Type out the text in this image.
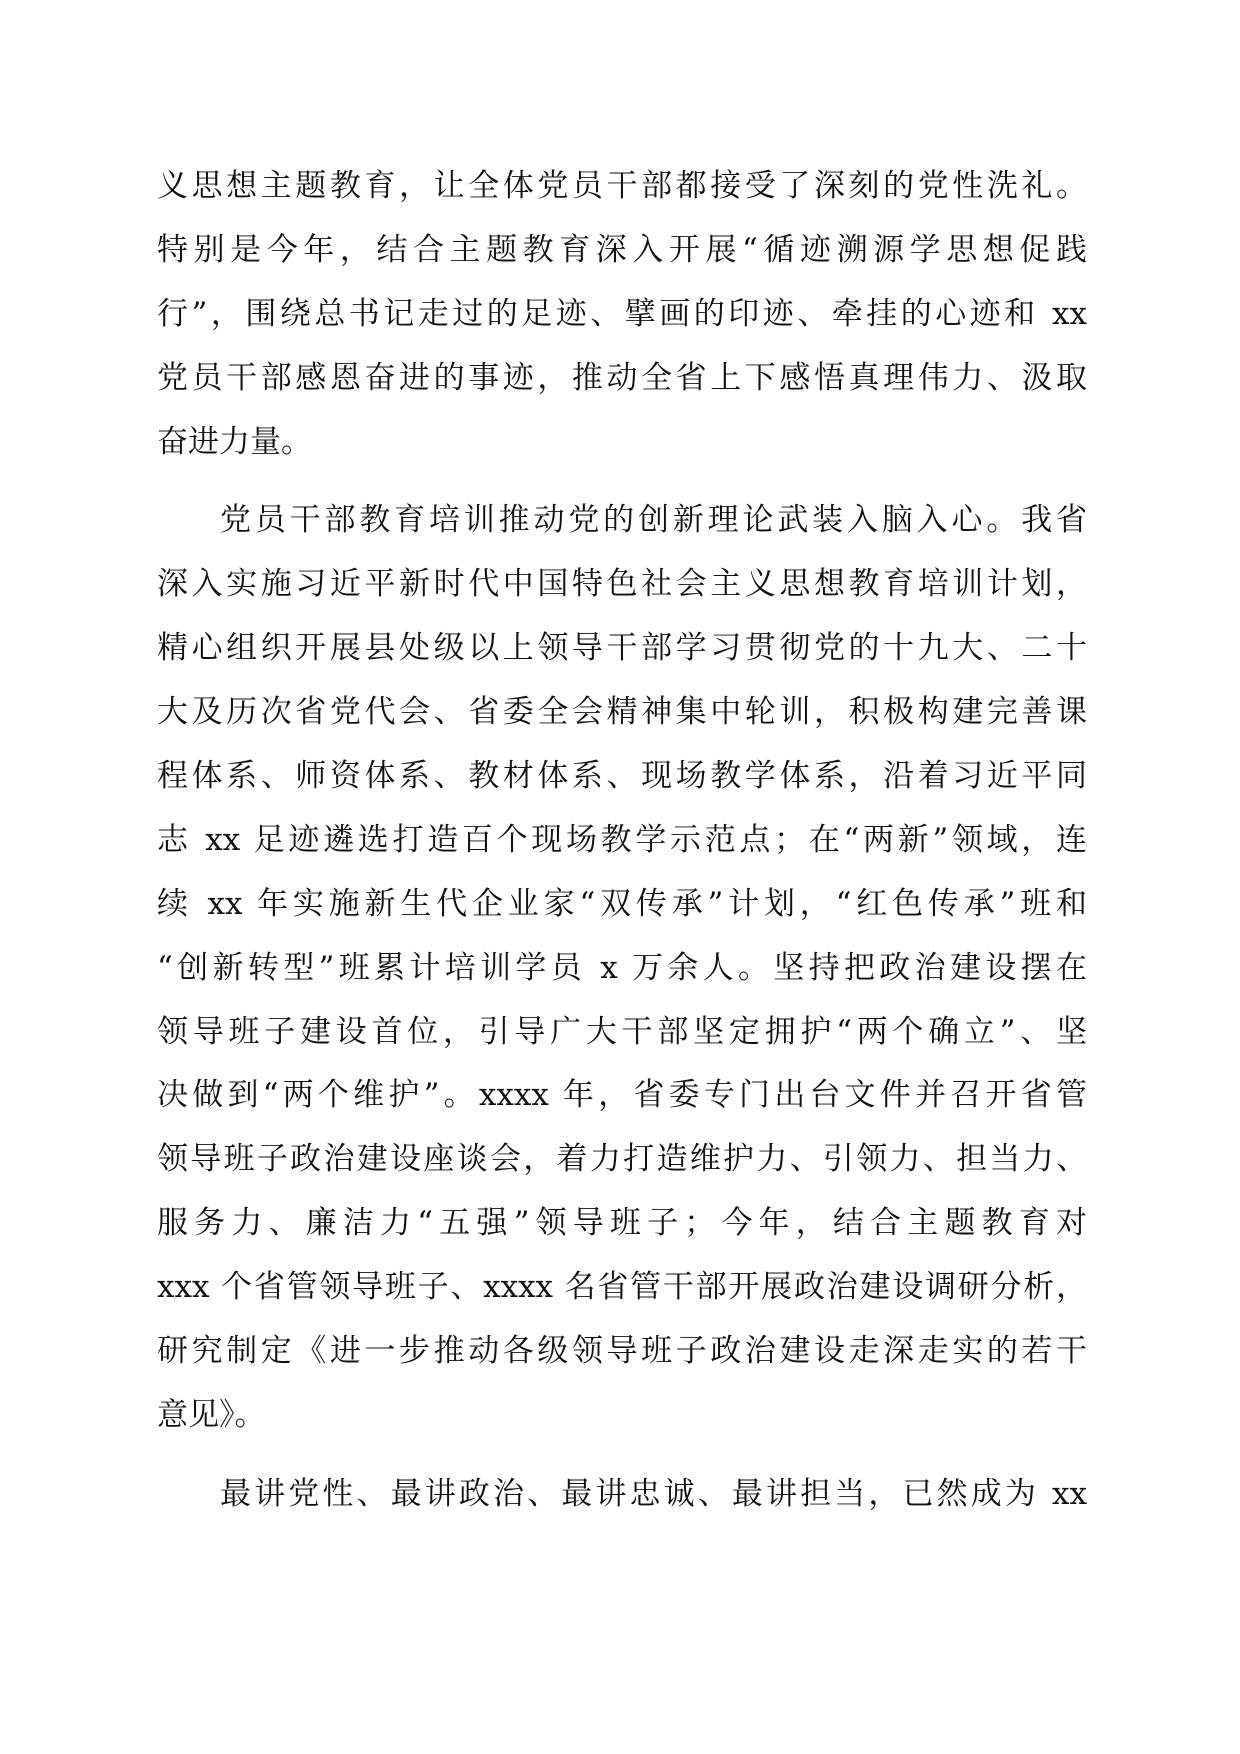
义思想主题教育，让全体党员干部都接受了深刻的党性洗礼。
特别是今年，结合主题教育深入开展“循迹溯源学思想促践
行”，围绕总书记走过的足迹、擘画的印迹、牵挂的心迹和 xx
党员干部感恩奋进的事迹，推动全省上下感悟真理伟力、汲取
奋进力量。
党员干部教育培训推动党的创新理论武装入脑入心。我省
深入实施习近平新时代中国特色社会主义思想教育培训计划，
精心组织开展县处级以上领导干部学习贯彻党的十九大、二十
大及历次省党代会、省委全会精神集中轮训，积极构建完善课
程体系、师资体系、教材体系、现场教学体系，沿着习近平同
志 xx 足迹遴选打造百个现场教学示范点；在“两新”领域，连
续 xx 年实施新生代企业家“双传承”计划，“红色传承”班和
“创新转型”班累计培训学员 x 万余人。坚持把政治建设摆在
领导班子建设首位，引导广大干部坚定拥护“两个确立”、坚
决做到“两个维护”。xxxx 年，省委专门出台文件并召开省管
领导班子政治建设座谈会，着力打造维护力、引领力、担当力、
服务力、廉洁力“五强”领导班子；今年，结合主题教育对
xxx 个省管领导班子、xxxx 名省管干部开展政治建设调研分析，
研究制定《进一步推动各级领导班子政治建设走深走实的若干
意见》。
最讲党性、最讲政治、最讲忠诚、最讲担当，已然成为 xx
